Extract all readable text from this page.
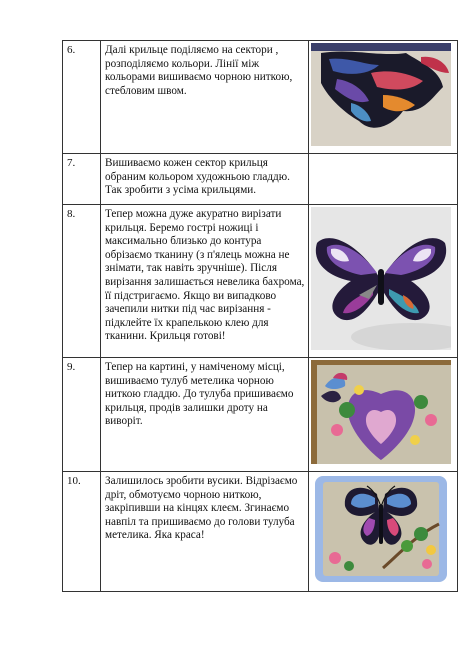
6.	Далі крильце поділяємо на сектори , розподіляємо кольори. Лінії між кольорами вишиваємо чорною ниткою, стебловим швом.	

7.	Вишиваємо кожен сектор крильця обраним кольором художньою гладдю. Так зробити з усіма крильцями.	
8.	Тепер можна дуже акуратно вирізати крильця. Беремо гострі ножиці і максимально близько до контура обрізаємо тканину (з п'ялець можна не знімати, так навіть зручніше). Після вирізання залишається невелика бахрома, її підстригаємо. Якщо ви випадково зачепили нитки під час вирізання - підклейте їх крапелькою клею для тканини. Крильця готові!	

9.	Тепер на картині, у наміченому місці, вишиваємо тулуб метелика чорною ниткою гладдю. До тулуба пришиваємо крильця, продів залишки дроту на виворіт.	

10.	Залишилось зробити вусики. Відрізаємо дріт, обмотуємо чорною ниткою, закріпивши на кінцях клеєм. Згинаємо навпіл та пришиваємо до голови тулуба метелика. Яка краса!	
